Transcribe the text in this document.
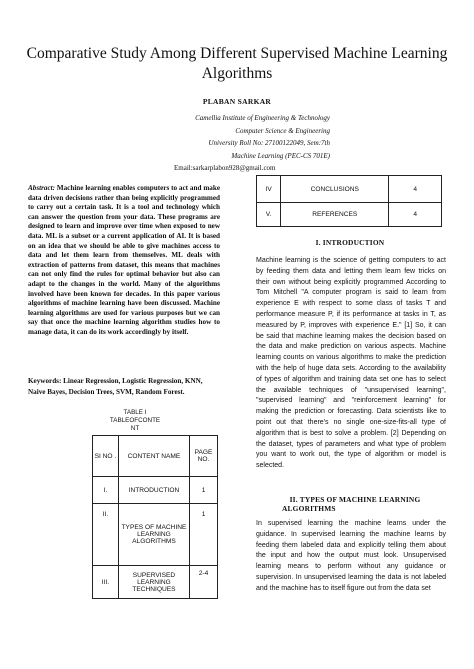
Comparative Study Among Different Supervised Machine Learning Algorithms
PLABAN SARKAR
Camellia Institute of Engineering & Technology
Computer Science & Engineering
University Roll No: 27100122049, Sem:7th
Machine Learning (PEC-CS 701E)
Email:sarkarplabon928@gmail.com
Abstract: Machine learning enables computers to act and make data driven decisions rather than being explicitly programmed to carry out a certain task. It is a tool and technology which can answer the question from your data. These programs are designed to learn and improve over time when exposed to new data. ML is a subset or a current application of AI. It is based on an idea that we should be able to give machines access to data and let them learn from themselves. ML deals with extraction of patterns from dataset, this means that machines can not only find the rules for optimal behavior but also can adapt to the changes in the world. Many of the algorithms involved have been known for decades. In this paper various algorithms of machine learning have been discussed. Machine learning algorithms are used for various purposes but we can say that once the machine learning algorithm studies how to manage data, it can do its work accordingly by itself.
Keywords: Linear Regression, Logistic Regression, KNN, Naive Bayes, Decision Trees, SVM, Random Forest.
TABLE I
TABLEOFCONTE
NT
SI NO .	CONTENT NAME	PAGE NO.
I.	INTRODUCTION	1
II.	TYPES OF MACHINE LEARNING ALGORITHMS	1
III.	SUPERVISED LEARNING TECHNIQUES	2-4
IV	CONCLUSIONS	4
V.	REFERENCES	4
I. INTRODUCTION
Machine learning is the science of getting computers to act by feeding them data and letting them learn few tricks on their own without being explicitly programmed According to Tom Mitchell "A computer program is said to learn from experience E with respect to some class of tasks T and performance measure P, if its performance at tasks in T, as measured by P, improves with experience E." [1] So, it can be said that machine learning makes the decision based on the data and make prediction on various aspects. Machine learning counts on various algorithms to make the prediction with the help of huge data sets. According to the availability of types of algorithm and training data set one has to select the available techniques of "unsupervised learning", "supervised learning" and "reinforcement learning" for making the prediction or forecasting. Data scientists like to point out that there's no single one-size-fits-all type of algorithm that is best to solve a problem. [2] Depending on the dataset, types of parameters and what type of problem you want to work out, the type of algorithm or model is selected.
II. TYPES OF MACHINE LEARNING
ALGORITHMS
In supervised learning the machine learns under the guidance. In supervised learning the machine learns by feeding them labeled data and explicitly telling them about the input and how the output must look. Unsupervised learning means to perform without any guidance or supervision. In unsupervised learning the data is not labeled and the machine has to itself figure out from the data set
